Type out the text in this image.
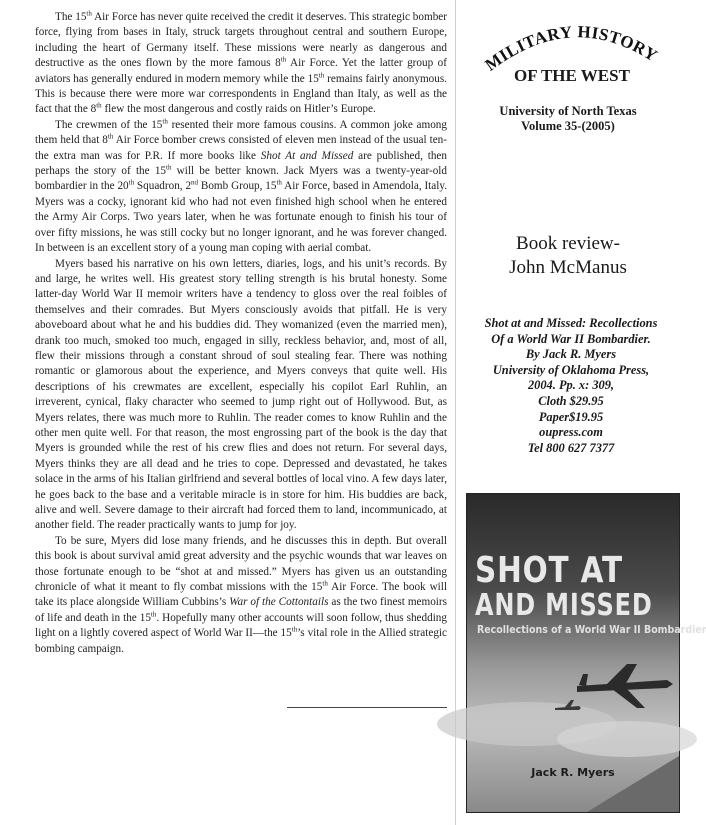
The 15th Air Force has never quite received the credit it deserves. This strategic bomber force, flying from bases in Italy, struck targets throughout central and southern Europe, including the heart of Germany itself. These missions were nearly as dangerous and destructive as the ones flown by the more famous 8th Air Force. Yet the latter group of aviators has generally endured in modern memory while the 15th remains fairly anonymous. This is because there were more war correspondents in England than Italy, as well as the fact that the 8th flew the most dangerous and costly raids on Hitler’s Europe.

The crewmen of the 15th resented their more famous cousins. A common joke among them held that 8th Air Force bomber crews consisted of eleven men instead of the usual ten-the extra man was for P.R. If more books like Shot At and Missed are published, then perhaps the story of the 15th will be better known. Jack Myers was a twenty-year-old bombardier in the 20th Squadron, 2nd Bomb Group, 15th Air Force, based in Amendola, Italy. Myers was a cocky, ignorant kid who had not even finished high school when he entered the Army Air Corps. Two years later, when he was fortunate enough to finish his tour of over fifty missions, he was still cocky but no longer ignorant, and he was forever changed. In between is an excellent story of a young man coping with aerial combat.

Myers based his narrative on his own letters, diaries, logs, and his unit’s records. By and large, he writes well. His greatest story telling strength is his brutal honesty. Some latter-day World War II memoir writers have a tendency to gloss over the real foibles of themselves and their comrades. But Myers consciously avoids that pitfall. He is very aboveboard about what he and his buddies did. They womanized (even the married men), drank too much, smoked too much, engaged in silly, reckless behavior, and, most of all, flew their missions through a constant shroud of soul stealing fear. There was nothing romantic or glamorous about the experience, and Myers conveys that quite well. His descriptions of his crewmates are excellent, especially his copilot Earl Ruhlin, an irreverent, cynical, flaky character who seemed to jump right out of Hollywood. But, as Myers relates, there was much more to Ruhlin. The reader comes to know Ruhlin and the other men quite well. For that reason, the most engrossing part of the book is the day that Myers is grounded while the rest of his crew flies and does not return. For several days, Myers thinks they are all dead and he tries to cope. Depressed and devastated, he takes solace in the arms of his Italian girlfriend and several bottles of local vino. A few days later, he goes back to the base and a veritable miracle is in store for him. His buddies are back, alive and well. Severe damage to their aircraft had forced them to land, incommunicado, at another field. The reader practically wants to jump for joy.

To be sure, Myers did lose many friends, and he discusses this in depth. But overall this book is about survival amid great adversity and the psychic wounds that war leaves on those fortunate enough to be “shot at and missed.” Myers has given us an outstanding chronicle of what it meant to fly combat missions with the 15th Air Force. The book will take its place alongside William Cubbins’s War of the Cottontails as the two finest memoirs of life and death in the 15th. Hopefully many other accounts will soon follow, thus shedding light on a lightly covered aspect of World War II—the 15th’s vital role in the Allied strategic bombing campaign.

MILITARY HISTORY
OF THE WEST
University of North Texas
Volume 35-(2005)
Book review-
John McManus
Shot at and Missed: Recollections
Of a World War II Bombardier.
By Jack R. Myers
University of Oklahoma Press,
2004. Pp. x: 309,
Cloth $29.95
Paper$19.95
oupress.com
Tel 800 627 7377
SHOT AT
AND MISSED
Recollections of a World War II Bombardier
Jack R. Myers
